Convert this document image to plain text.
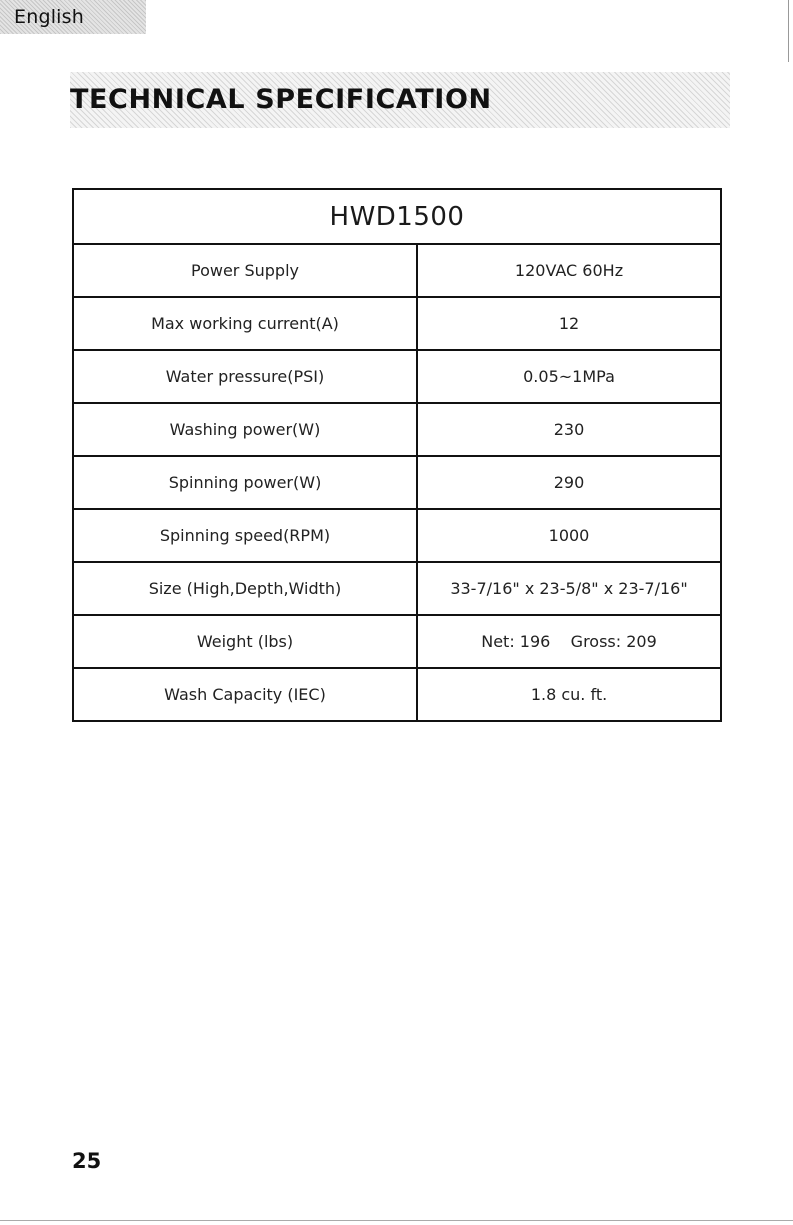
English
TECHNICAL SPECIFICATION
HWD1500	
Power Supply	120VAC 60Hz
Max working current(A)	12
Water pressure(PSI)	0.05~1MPa
Washing power(W)	230
Spinning power(W)	290
Spinning speed(RPM)	1000
Size (High,Depth,Width)	33-7/16" x 23-5/8" x 23-7/16"
Weight (lbs)	Net: 196    Gross: 209
Wash Capacity (IEC)	1.8 cu. ft.
25
